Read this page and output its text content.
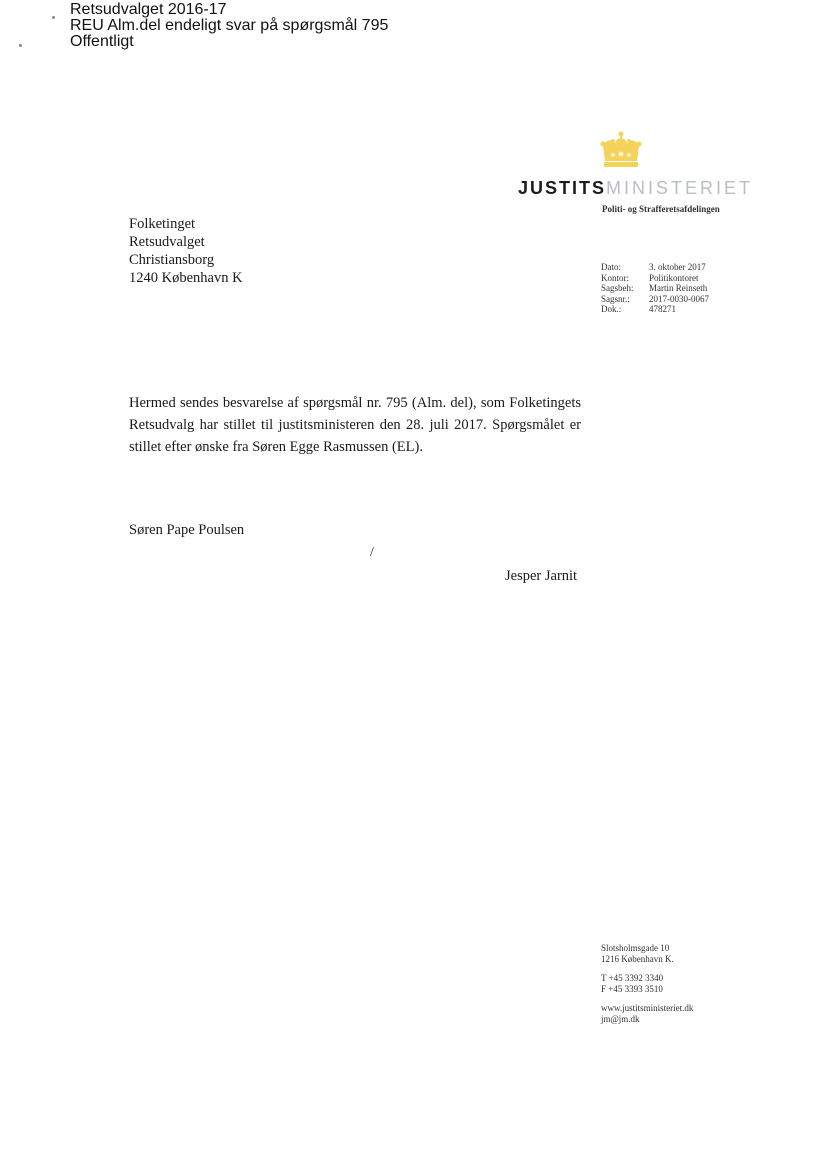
Retsudvalget 2016-17
REU Alm.del endeligt svar på spørgsmål 795
Offentligt
JUSTITSMINISTERIET
Politi- og Strafferetsafdelingen
Folketinget
Retsudvalget
Christiansborg
1240 København K
Dato:	3. oktober 2017
Kontor:	Politikontoret
Sagsbeh:	Martin Reinseth
Sagsnr.:	2017-0030-0067
Dok.:	478271
Hermed sendes besvarelse af spørgsmål nr. 795 (Alm. del), som Folketingets Retsudvalg har stillet til justitsministeren den 28. juli 2017. Spørgsmålet er stillet efter ønske fra Søren Egge Rasmussen (EL).
Søren Pape Poulsen
/
Jesper Jarnit
Slotsholmsgade 10
1216 København K.
T +45 3392 3340
F +45 3393 3510
www.justitsministeriet.dk
jm@jm.dk
